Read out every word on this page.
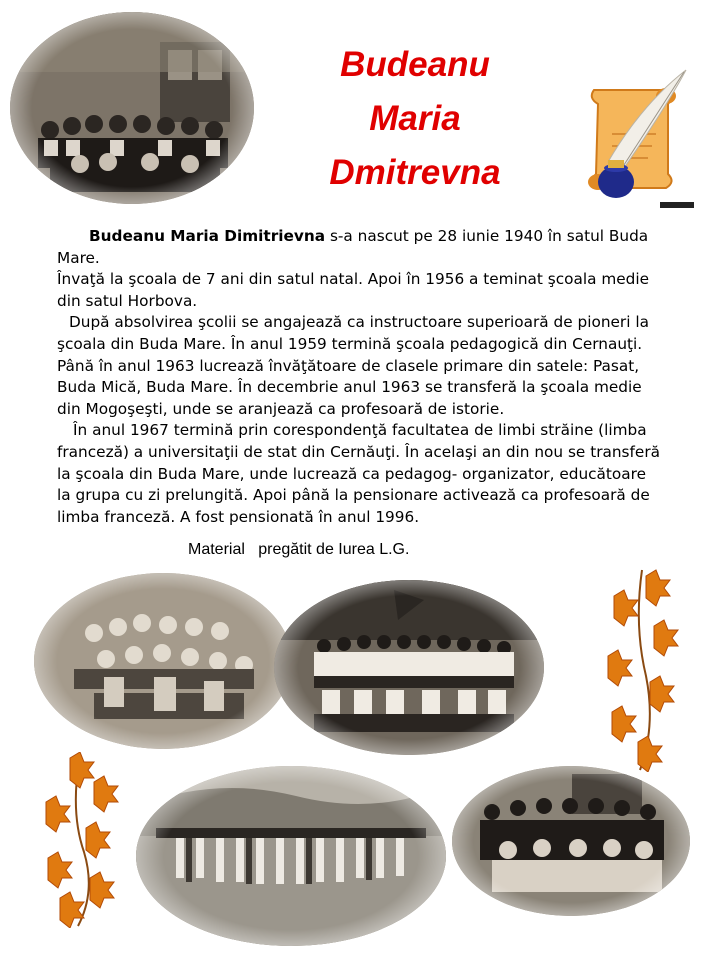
Budeanu
Maria
Dmitrevna

Budeanu Maria Dimitrievna s-a nascut pe 28 iunie 1940 în satul Buda Mare.

Învaţă la şcoala de 7 ani din satul natal. Apoi în 1956 a teminat şcoala medie din satul Horbova.

După absolvirea şcolii se angajează ca instructoare superioară de pioneri la şcoala din Buda Mare. În anul 1959 termină şcoala pedagogică din Cernauţi. Până în anul 1963 lucrează învăţătoare de clasele primare din satele: Pasat, Buda Mică, Buda Mare. În decembrie anul 1963 se transferă la şcoala medie din Mogoşeşti, unde se aranjează ca profesoară de istorie.

În anul 1967 termină prin corespondenţă facultatea de limbi străine (limba franceză) a universitaţii de stat din Cernăuţi. În acelaşi an din nou se transferă la şcoala din Buda Mare, unde lucrează ca pedagog- organizator, educătoare la grupa cu zi prelungită. Apoi până la pensionare activează ca profesoară de limba franceză. A fost pensionată în anul 1996.

Material   pregătit de Iurea L.G.
